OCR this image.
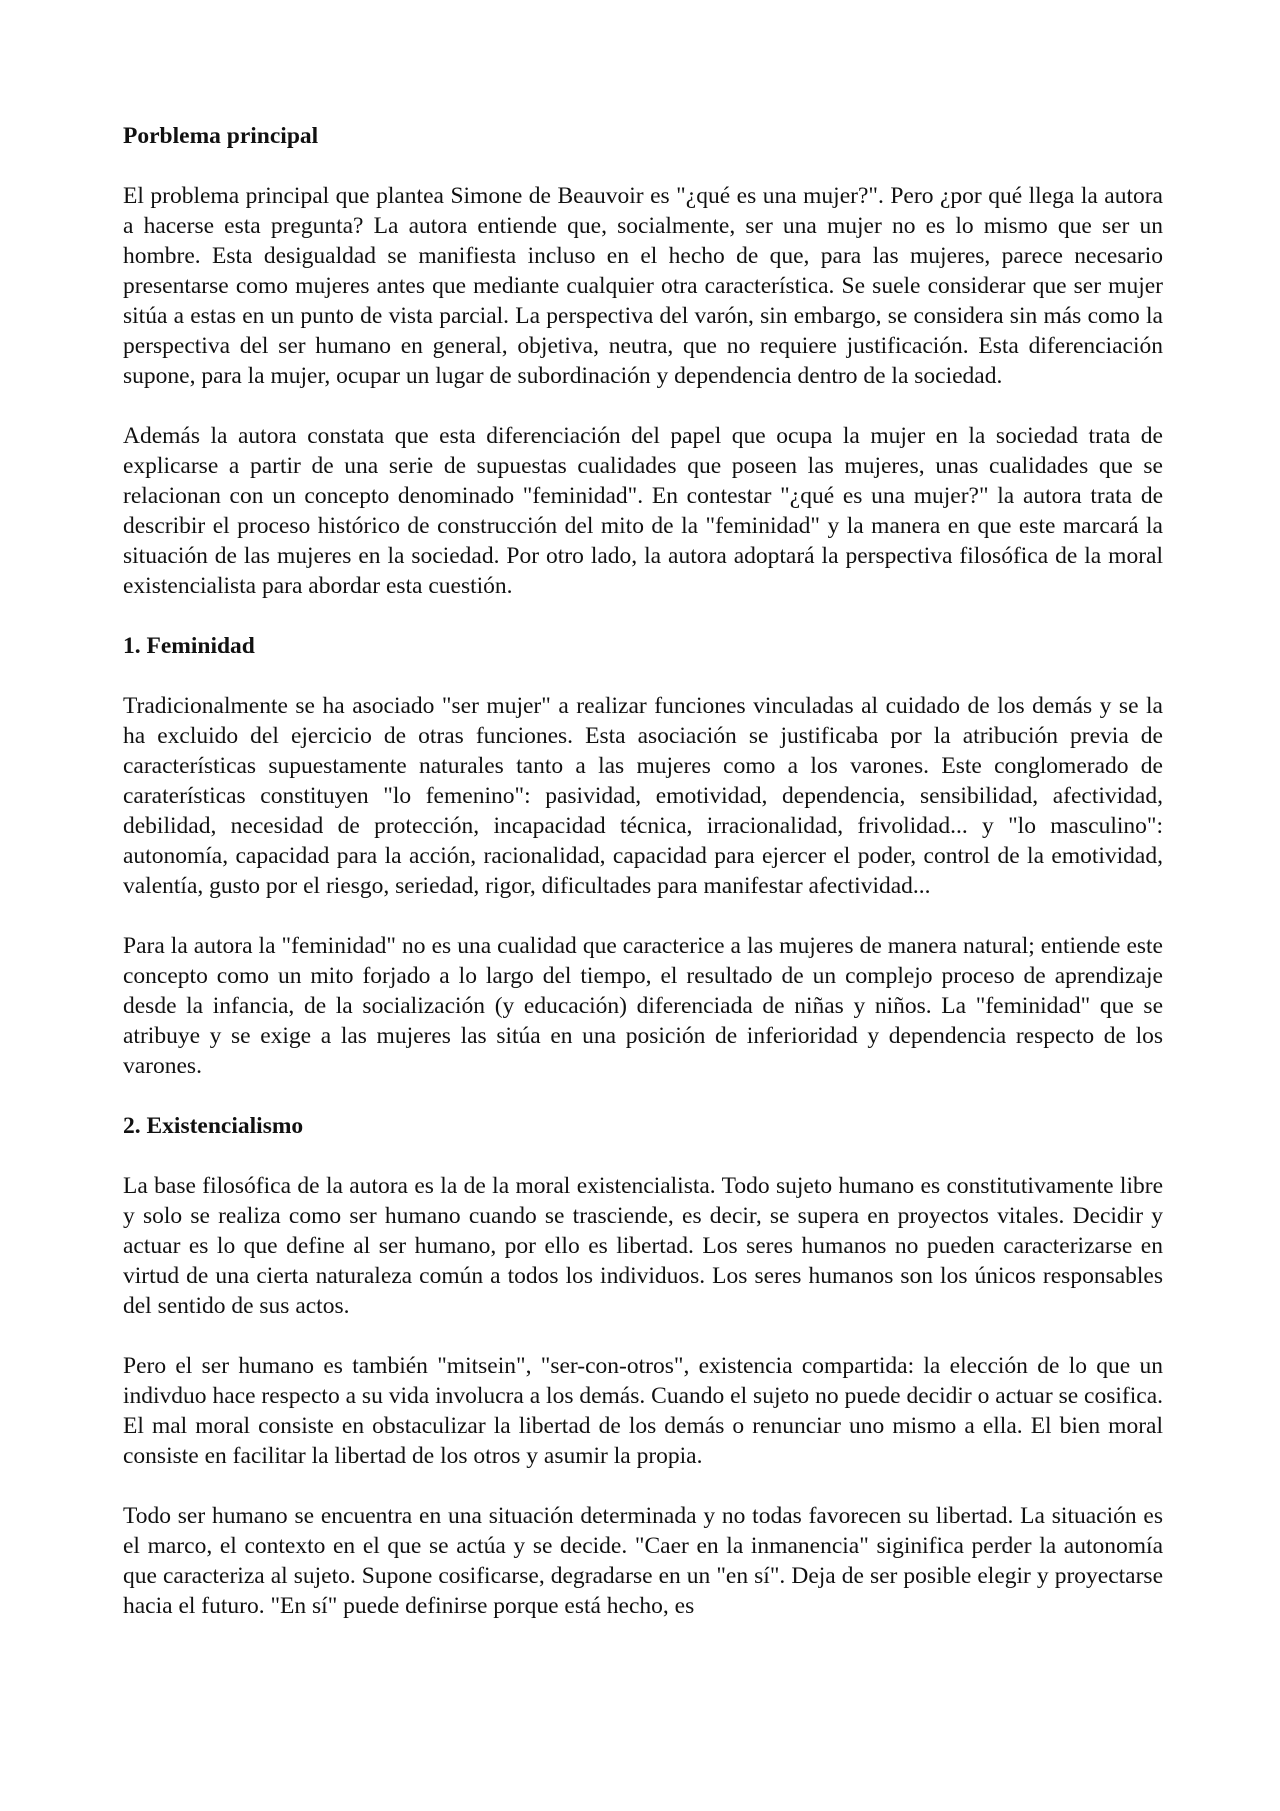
Porblema principal

El problema principal que plantea Simone de Beauvoir es "¿qué es una mujer?". Pero ¿por qué llega la autora a hacerse esta pregunta? La autora entiende que, socialmente, ser una mujer no es lo mismo que ser un hombre. Esta desigualdad se manifiesta incluso en el hecho de que, para las mujeres, parece necesario presentarse como mujeres antes que mediante cualquier otra característica. Se suele considerar que ser mujer sitúa a estas en un punto de vista parcial. La perspectiva del varón, sin embargo, se considera sin más como la perspectiva del ser humano en general, objetiva, neutra, que no requiere justificación. Esta diferenciación supone, para la mujer, ocupar un lugar de subordinación y dependencia dentro de la sociedad.

Además la autora constata que esta diferenciación del papel que ocupa la mujer en la sociedad trata de explicarse a partir de una serie de supuestas cualidades que poseen las mujeres, unas cualidades que se relacionan con un concepto denominado "feminidad". En contestar "¿qué es una mujer?" la autora trata de describir el proceso histórico de construcción del mito de la "feminidad" y la manera en que este marcará la situación de las mujeres en la sociedad. Por otro lado, la autora adoptará la perspectiva filosófica de la moral existencialista para abordar esta cuestión.

1. Feminidad

Tradicionalmente se ha asociado "ser mujer" a realizar funciones vinculadas al cuidado de los demás y se la ha excluido del ejercicio de otras funciones. Esta asociación se justificaba por la atribución previa de características supuestamente naturales tanto a las mujeres como a los varones. Este conglomerado de caraterísticas constituyen "lo femenino": pasividad, emotividad, dependencia, sensibilidad, afectividad, debilidad, necesidad de protección, incapacidad técnica, irracionalidad, frivolidad... y "lo masculino": autonomía, capacidad para la acción, racionalidad, capacidad para ejercer el poder, control de la emotividad, valentía, gusto por el riesgo, seriedad, rigor, dificultades para manifestar afectividad...

Para la autora la "feminidad" no es una cualidad que caracterice a las mujeres de manera natural; entiende este concepto como un mito forjado a lo largo del tiempo, el resultado de un complejo proceso de aprendizaje desde la infancia, de la socialización (y educación) diferenciada de niñas y niños. La "feminidad" que se atribuye y se exige a las mujeres las sitúa en una posición de inferioridad y dependencia respecto de los varones.

2. Existencialismo

La base filosófica de la autora es la de la moral existencialista. Todo sujeto humano es constitutivamente libre y solo se realiza como ser humano cuando se trasciende, es decir, se supera en proyectos vitales. Decidir y actuar es lo que define al ser humano, por ello es libertad. Los seres humanos no pueden caracterizarse en virtud de una cierta naturaleza común a todos los individuos. Los seres humanos son los únicos responsables del sentido de sus actos.

Pero el ser humano es también "mitsein", "ser-con-otros", existencia compartida: la elección de lo que un indivduo hace respecto a su vida involucra a los demás. Cuando el sujeto no puede decidir o actuar se cosifica. El mal moral consiste en obstaculizar la libertad de los demás o renunciar uno mismo a ella. El bien moral consiste en facilitar la libertad de los otros y asumir la propia.

Todo ser humano se encuentra en una situación determinada y no todas favorecen su libertad. La situación es el marco, el contexto en el que se actúa y se decide. "Caer en la inmanencia" siginifica perder la autonomía que caracteriza al sujeto. Supone cosificarse, degradarse en un "en sí". Deja de ser posible elegir y proyectarse hacia el futuro. "En sí" puede definirse porque está hecho, es
